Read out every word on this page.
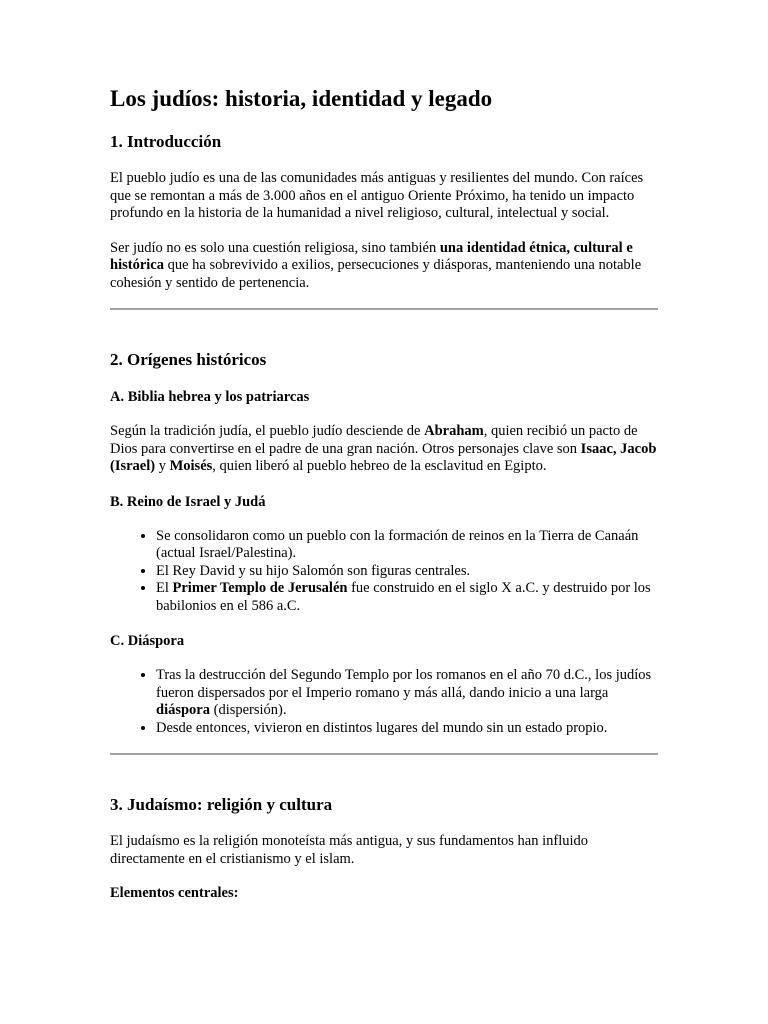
Los judíos: historia, identidad y legado
1. Introducción

El pueblo judío es una de las comunidades más antiguas y resilientes del mundo. Con raíces que se remontan a más de 3.000 años en el antiguo Oriente Próximo, ha tenido un impacto profundo en la historia de la humanidad a nivel religioso, cultural, intelectual y social.

Ser judío no es solo una cuestión religiosa, sino también una identidad étnica, cultural e histórica que ha sobrevivido a exilios, persecuciones y diásporas, manteniendo una notable cohesión y sentido de pertenencia.

2. Orígenes históricos
A. Biblia hebrea y los patriarcas

Según la tradición judía, el pueblo judío desciende de Abraham, quien recibió un pacto de Dios para convertirse en el padre de una gran nación. Otros personajes clave son Isaac, Jacob (Israel) y Moisés, quien liberó al pueblo hebreo de la esclavitud en Egipto.

B. Reino de Israel y Judá
• Se consolidaron como un pueblo con la formación de reinos en la Tierra de Canaán (actual Israel/Palestina).
• El Rey David y su hijo Salomón son figuras centrales.
• El Primer Templo de Jerusalén fue construido en el siglo X a.C. y destruido por los babilonios en el 586 a.C.
C. Diáspora
• Tras la destrucción del Segundo Templo por los romanos en el año 70 d.C., los judíos fueron dispersados por el Imperio romano y más allá, dando inicio a una larga diáspora (dispersión).
• Desde entonces, vivieron en distintos lugares del mundo sin un estado propio.
3. Judaísmo: religión y cultura

El judaísmo es la religión monoteísta más antigua, y sus fundamentos han influido directamente en el cristianismo y el islam.

Elementos centrales:
